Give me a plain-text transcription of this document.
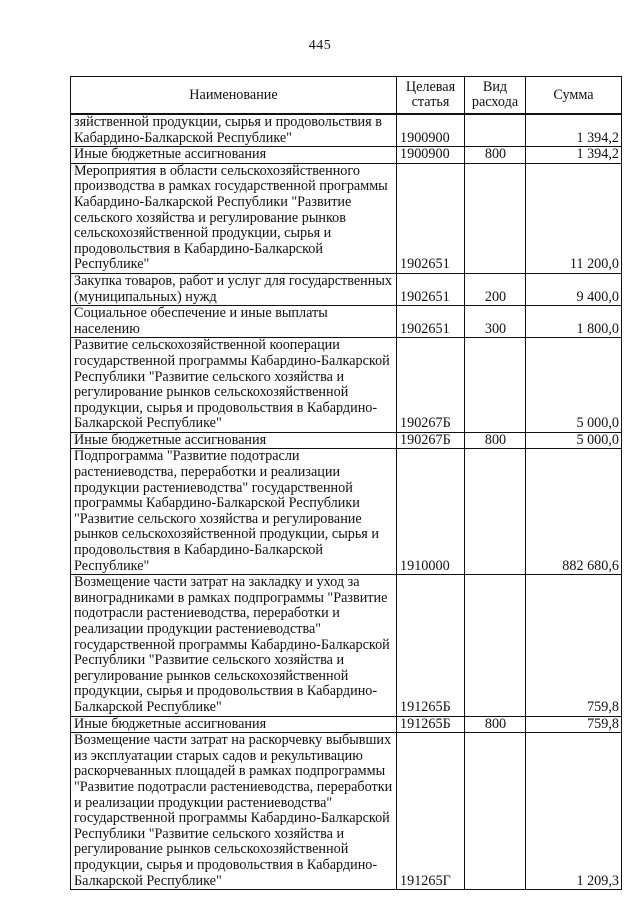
445
Наименование	Целевая статья	Вид расхода	Сумма
зяйственной продукции, сырья и продовольствия в Кабардино-Балкарской Республике"	1900900		1 394,2
Иные бюджетные ассигнования	1900900	800	1 394,2
Мероприятия в области сельскохозяйственного производства в рамках государственной программы Кабардино-Балкарской Республики "Развитие сельского хозяйства и регулирование рынков сельскохозяйственной продукции, сырья и продовольствия в Кабардино-Балкарской Республике"	1902651		11 200,0
Закупка товаров, работ и услуг для государственных (муниципальных) нужд	1902651	200	9 400,0
Социальное обеспечение и иные выплаты населению	1902651	300	1 800,0
Развитие сельскохозяйственной кооперации государственной программы Кабардино-Балкарской Республики "Развитие сельского хозяйства и регулирование рынков сельскохозяйственной продукции, сырья и продовольствия в Кабардино-Балкарской Республике"	190267Б		5 000,0
Иные бюджетные ассигнования	190267Б	800	5 000,0
Подпрограмма "Развитие подотрасли растениеводства, переработки и реализации продукции растениеводства" государственной программы Кабардино-Балкарской Республики "Развитие сельского хозяйства и регулирование рынков сельскохозяйственной продукции, сырья и продовольствия в Кабардино-Балкарской Республике"	1910000		882 680,6
Возмещение части затрат на закладку и уход за виноградниками в рамках подпрограммы "Развитие подотрасли растениеводства, переработки и реализации продукции растениеводства" государственной программы Кабардино-Балкарской Республики "Развитие сельского хозяйства и регулирование рынков сельскохозяйственной продукции, сырья и продовольствия в Кабардино-Балкарской Республике"	191265Б		759,8
Иные бюджетные ассигнования	191265Б	800	759,8
Возмещение части затрат на раскорчевку выбывших из эксплуатации старых садов и рекультивацию раскорчеванных площадей в рамках подпрограммы "Развитие подотрасли растениеводства, переработки и реализации продукции растениеводства" государственной программы Кабардино-Балкарской Республики "Развитие сельского хозяйства и регулирование рынков сельскохозяйственной продукции, сырья и продовольствия в Кабардино-Балкарской Республике"	191265Г		1 209,3
